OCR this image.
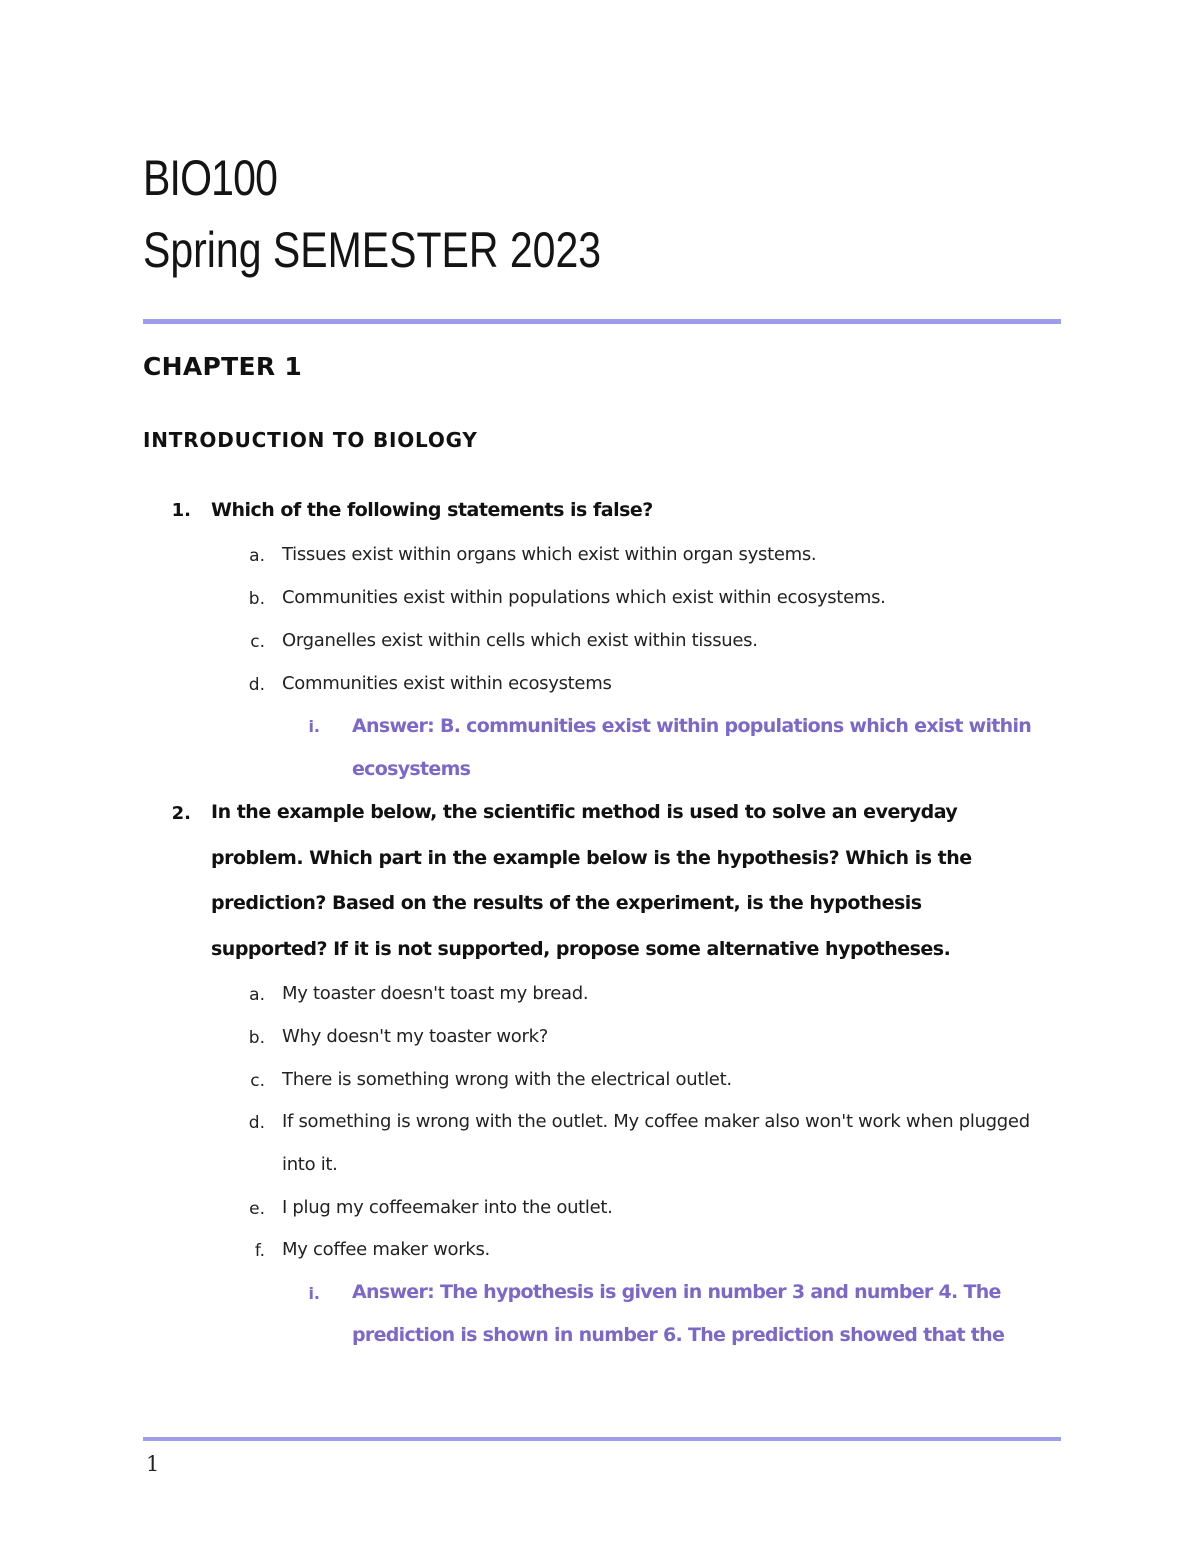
BIO100
Spring SEMESTER 2023
CHAPTER 1
INTRODUCTION TO BIOLOGY
1. Which of the following statements is false?
a. Tissues exist within organs which exist within organ systems.
b. Communities exist within populations which exist within ecosystems.
c. Organelles exist within cells which exist within tissues.
d. Communities exist within ecosystems
i. Answer: B. communities exist within populations which exist within ecosystems
2. In the example below, the scientific method is used to solve an everyday problem. Which part in the example below is the hypothesis? Which is the prediction? Based on the results of the experiment, is the hypothesis supported? If it is not supported, propose some alternative hypotheses.
a. My toaster doesn't toast my bread.
b. Why doesn't my toaster work?
c. There is something wrong with the electrical outlet.
d. If something is wrong with the outlet. My coffee maker also won't work when plugged into it.
e. I plug my coffeemaker into the outlet.
f. My coffee maker works.
i. Answer: The hypothesis is given in number 3 and number 4. The prediction is shown in number 6. The prediction showed that the
1
